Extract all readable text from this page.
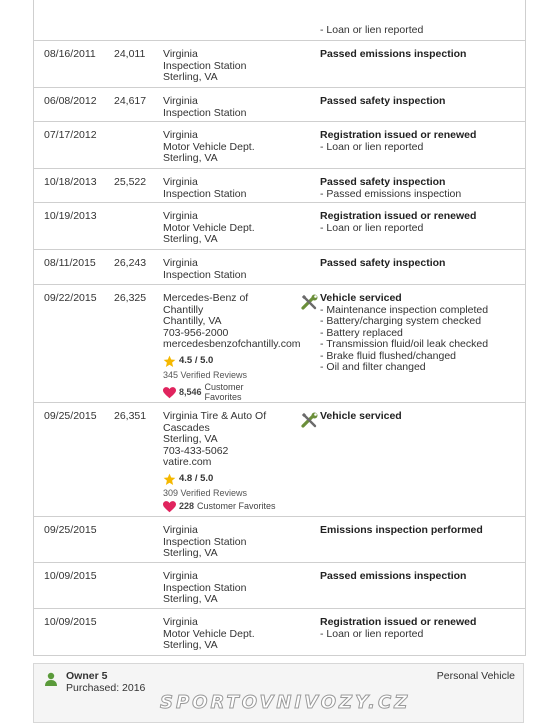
- Loan or lien reported
08/16/2011	24,011	Virginia
Inspection Station
Sterling, VA
Passed emissions inspection
06/08/2012	24,617	Virginia
Inspection Station
Passed safety inspection
07/17/2012	Virginia
Motor Vehicle Dept.
Sterling, VA
Registration issued or renewed
- Loan or lien reported
10/18/2013	25,522	Virginia
Inspection Station
Passed safety inspection
- Passed emissions inspection
10/19/2013	Virginia
Motor Vehicle Dept.
Sterling, VA
Registration issued or renewed
- Loan or lien reported
08/11/2015	26,243	Virginia
Inspection Station
Passed safety inspection
09/22/2015	26,325	Mercedes-Benz of
Chantilly
Chantilly, VA
703-956-2000
mercedesbenzofchantilly.com
4.5 / 5.0
345 Verified Reviews
8,546 Customer
Favorites
Vehicle serviced
- Maintenance inspection completed
- Battery/charging system checked
- Battery replaced
- Transmission fluid/oil leak checked
- Brake fluid flushed/changed
- Oil and filter changed
09/25/2015	26,351	Virginia Tire & Auto Of
Cascades
Sterling, VA
703-433-5062
vatire.com
4.8 / 5.0
309 Verified Reviews
228 Customer Favorites
Vehicle serviced
09/25/2015	Virginia
Inspection Station
Sterling, VA
Emissions inspection performed
10/09/2015	Virginia
Inspection Station
Sterling, VA
Passed emissions inspection
10/09/2015	Virginia
Motor Vehicle Dept.
Sterling, VA
Registration issued or renewed
- Loan or lien reported
Owner 5
Purchased: 2016
Personal Vehicle
SPORTOVNIVOZY.CZ
